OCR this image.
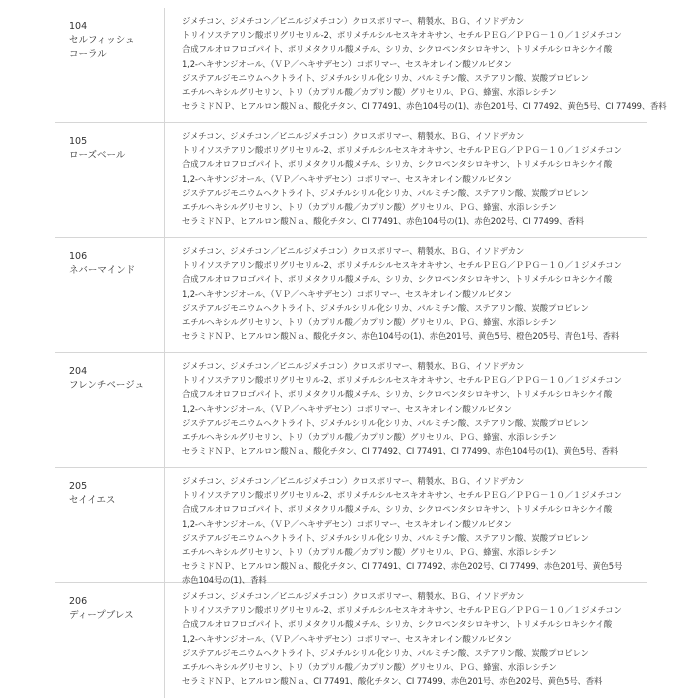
104
セルフィッシュ
コーラル
ジメチコン、ジメチコン／ビニルジメチコン）クロスポリマー、精製水、ＢＧ、イソドデカン
トリイソステアリン酸ポリグリセリル-2、ポリメチルシルセスキオキサン、セチルＰＥＧ／ＰＰＧ－１０／１ジメチコン
合成フルオロフロゴパイト、ポリメタクリル酸メチル、シリカ、シクロペンタシロキサン、トリメチルシロキシケイ酸
1,2-ヘキサンジオール、（ＶＰ／ヘキサデセン）コポリマー、セスキオレイン酸ソルビタン
ジステアルジモニウムヘクトライト、ジメチルシリル化シリカ、パルミチン酸、ステアリン酸、炭酸プロピレン
エチルヘキシルグリセリン、トリ（カプリル酸／カプリン酸）グリセリル、ＰＧ、蜂蜜、水添レシチン
セラミドＮＰ、ヒアルロン酸Ｎａ、酸化チタン、CI 77491、赤色104号の(1)、赤色201号、CI 77492、黄色5号、CI 77499、香料
105
ローズベール
ジメチコン、ジメチコン／ビニルジメチコン）クロスポリマー、精製水、ＢＧ、イソドデカン
トリイソステアリン酸ポリグリセリル-2、ポリメチルシルセスキオキサン、セチルＰＥＧ／ＰＰＧ－１０／１ジメチコン
合成フルオロフロゴパイト、ポリメタクリル酸メチル、シリカ、シクロペンタシロキサン、トリメチルシロキシケイ酸
1,2-ヘキサンジオール、（ＶＰ／ヘキサデセン）コポリマー、セスキオレイン酸ソルビタン
ジステアルジモニウムヘクトライト、ジメチルシリル化シリカ、パルミチン酸、ステアリン酸、炭酸プロピレン
エチルヘキシルグリセリン、トリ（カプリル酸／カプリン酸）グリセリル、ＰＧ、蜂蜜、水添レシチン
セラミドＮＰ、ヒアルロン酸Ｎａ、酸化チタン、CI 77491、赤色104号の(1)、赤色202号、CI 77499、香料
106
ネバーマインド
ジメチコン、ジメチコン／ビニルジメチコン）クロスポリマー、精製水、ＢＧ、イソドデカン
トリイソステアリン酸ポリグリセリル-2、ポリメチルシルセスキオキサン、セチルＰＥＧ／ＰＰＧ－１０／１ジメチコン
合成フルオロフロゴパイト、ポリメタクリル酸メチル、シリカ、シクロペンタシロキサン、トリメチルシロキシケイ酸
1,2-ヘキサンジオール、（ＶＰ／ヘキサデセン）コポリマー、セスキオレイン酸ソルビタン
ジステアルジモニウムヘクトライト、ジメチルシリル化シリカ、パルミチン酸、ステアリン酸、炭酸プロピレン
エチルヘキシルグリセリン、トリ（カプリル酸／カプリン酸）グリセリル、ＰＧ、蜂蜜、水添レシチン
セラミドＮＰ、ヒアルロン酸Ｎａ、酸化チタン、赤色104号の(1)、赤色201号、黄色5号、橙色205号、青色1号、香料
204
フレンチベージュ
ジメチコン、ジメチコン／ビニルジメチコン）クロスポリマー、精製水、ＢＧ、イソドデカン
トリイソステアリン酸ポリグリセリル-2、ポリメチルシルセスキオキサン、セチルＰＥＧ／ＰＰＧ－１０／１ジメチコン
合成フルオロフロゴパイト、ポリメタクリル酸メチル、シリカ、シクロペンタシロキサン、トリメチルシロキシケイ酸
1,2-ヘキサンジオール、（ＶＰ／ヘキサデセン）コポリマー、セスキオレイン酸ソルビタン
ジステアルジモニウムヘクトライト、ジメチルシリル化シリカ、パルミチン酸、ステアリン酸、炭酸プロピレン
エチルヘキシルグリセリン、トリ（カプリル酸／カプリン酸）グリセリル、ＰＧ、蜂蜜、水添レシチン
セラミドＮＰ、ヒアルロン酸Ｎａ、酸化チタン、CI 77492、CI 77491、CI 77499、赤色104号の(1)、黄色5号、香料
205
セイイエス
ジメチコン、ジメチコン／ビニルジメチコン）クロスポリマー、精製水、ＢＧ、イソドデカン
トリイソステアリン酸ポリグリセリル-2、ポリメチルシルセスキオキサン、セチルＰＥＧ／ＰＰＧ－１０／１ジメチコン
合成フルオロフロゴパイト、ポリメタクリル酸メチル、シリカ、シクロペンタシロキサン、トリメチルシロキシケイ酸
1,2-ヘキサンジオール、（ＶＰ／ヘキサデセン）コポリマー、セスキオレイン酸ソルビタン
ジステアルジモニウムヘクトライト、ジメチルシリル化シリカ、パルミチン酸、ステアリン酸、炭酸プロピレン
エチルヘキシルグリセリン、トリ（カプリル酸／カプリン酸）グリセリル、ＰＧ、蜂蜜、水添レシチン
セラミドＮＰ、ヒアルロン酸Ｎａ、酸化チタン、CI 77491、CI 77492、赤色202号、CI 77499、赤色201号、黄色5号
赤色104号の(1)、香料
206
ディープブレス
ジメチコン、ジメチコン／ビニルジメチコン）クロスポリマー、精製水、ＢＧ、イソドデカン
トリイソステアリン酸ポリグリセリル-2、ポリメチルシルセスキオキサン、セチルＰＥＧ／ＰＰＧ－１０／１ジメチコン
合成フルオロフロゴパイト、ポリメタクリル酸メチル、シリカ、シクロペンタシロキサン、トリメチルシロキシケイ酸
1,2-ヘキサンジオール、（ＶＰ／ヘキサデセン）コポリマー、セスキオレイン酸ソルビタン
ジステアルジモニウムヘクトライト、ジメチルシリル化シリカ、パルミチン酸、ステアリン酸、炭酸プロピレン
エチルヘキシルグリセリン、トリ（カプリル酸／カプリン酸）グリセリル、ＰＧ、蜂蜜、水添レシチン
セラミドＮＰ、ヒアルロン酸Ｎａ、CI 77491、酸化チタン、CI 77499、赤色201号、赤色202号、黄色5号、香料
